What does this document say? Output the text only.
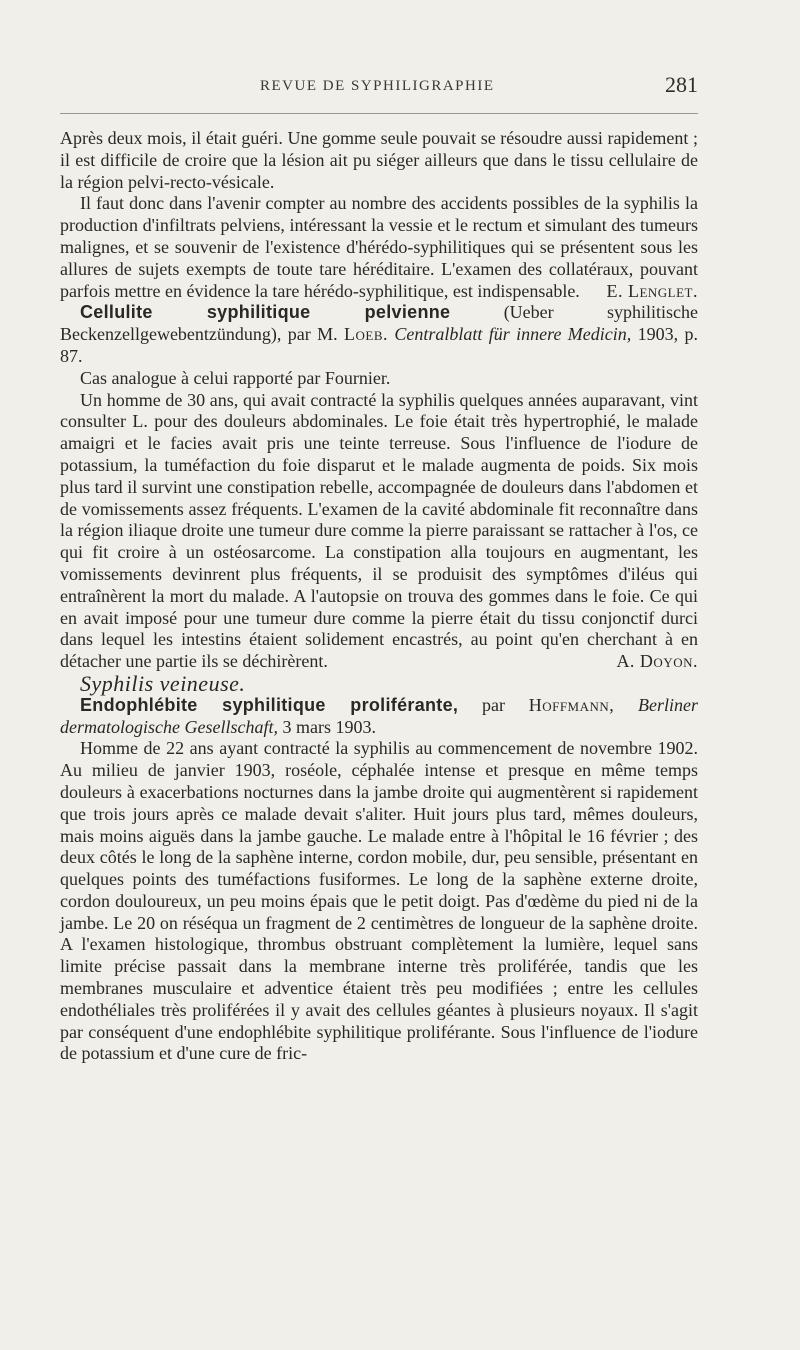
REVUE DE SYPHILIGRAPHIE	281

Après deux mois, il était guéri. Une gomme seule pouvait se résoudre aussi rapidement ; il est difficile de croire que la lésion ait pu siéger ailleurs que dans le tissu cellulaire de la région pelvi-recto-vésicale.

Il faut donc dans l'avenir compter au nombre des accidents possibles de la syphilis la production d'infiltrats pelviens, intéressant la vessie et le rectum et simulant des tumeurs malignes, et se souvenir de l'existence d'hérédo-syphilitiques qui se présentent sous les allures de sujets exempts de toute tare héréditaire. L'examen des collatéraux, pouvant parfois mettre en évidence la tare hérédo-syphilitique, est indispensable.	E. Lenglet.

Cellulite syphilitique pelvienne	(Ueber syphilitische Beckenzellgewebentzündung), par M. Loeb. Centralblatt für innere Medicin, 1903, p. 87.

Cas analogue à celui rapporté par Fournier.

Un homme de 30 ans, qui avait contracté la syphilis quelques années auparavant, vint consulter L. pour des douleurs abdominales. Le foie était très hypertrophié, le malade amaigri et le facies avait pris une teinte terreuse. Sous l'influence de l'iodure de potassium, la tuméfaction du foie disparut et le malade augmenta de poids. Six mois plus tard il survint une constipation rebelle, accompagnée de douleurs dans l'abdomen et de vomissements assez fréquents. L'examen de la cavité abdominale fit reconnaître dans la région iliaque droite une tumeur dure comme la pierre paraissant se rattacher à l'os, ce qui fit croire à un ostéosarcome. La constipation alla toujours en augmentant, les vomissements devinrent plus fréquents, il se produisit des symptômes d'iléus qui entraînèrent la mort du malade. A l'autopsie on trouva des gommes dans le foie. Ce qui en avait imposé pour une tumeur dure comme la pierre était du tissu conjonctif durci dans lequel les intestins étaient solidement encastrés, au point qu'en cherchant à en détacher une partie ils se déchirèrent.	A. Doyon.

Syphilis veineuse.

Endophlébite syphilitique proliférante, par Hoffmann, Berliner dermatologische Gesellschaft, 3 mars 1903.

Homme de 22 ans ayant contracté la syphilis au commencement de novembre 1902. Au milieu de janvier 1903, roséole, céphalée intense et presque en même temps douleurs à exacerbations nocturnes dans la jambe droite qui augmentèrent si rapidement que trois jours après ce malade devait s'aliter. Huit jours plus tard, mêmes douleurs, mais moins aiguës dans la jambe gauche. Le malade entre à l'hôpital le 16 février ; des deux côtés le long de la saphène interne, cordon mobile, dur, peu sensible, présentant en quelques points des tuméfactions fusiformes. Le long de la saphène externe droite, cordon douloureux, un peu moins épais que le petit doigt. Pas d'œdème du pied ni de la jambe. Le 20 on réséqua un fragment de 2 centimètres de longueur de la saphène droite. A l'examen histologique, thrombus obstruant complètement la lumière, lequel sans limite précise passait dans la membrane interne très proliférée, tandis que les membranes musculaire et adventice étaient très peu modifiées ; entre les cellules endothéliales très proliférées il y avait des cellules géantes à plusieurs noyaux. Il s'agit par conséquent d'une endophlébite syphilitique proliférante. Sous l'influence de l'iodure de potassium et d'une cure de fric-
